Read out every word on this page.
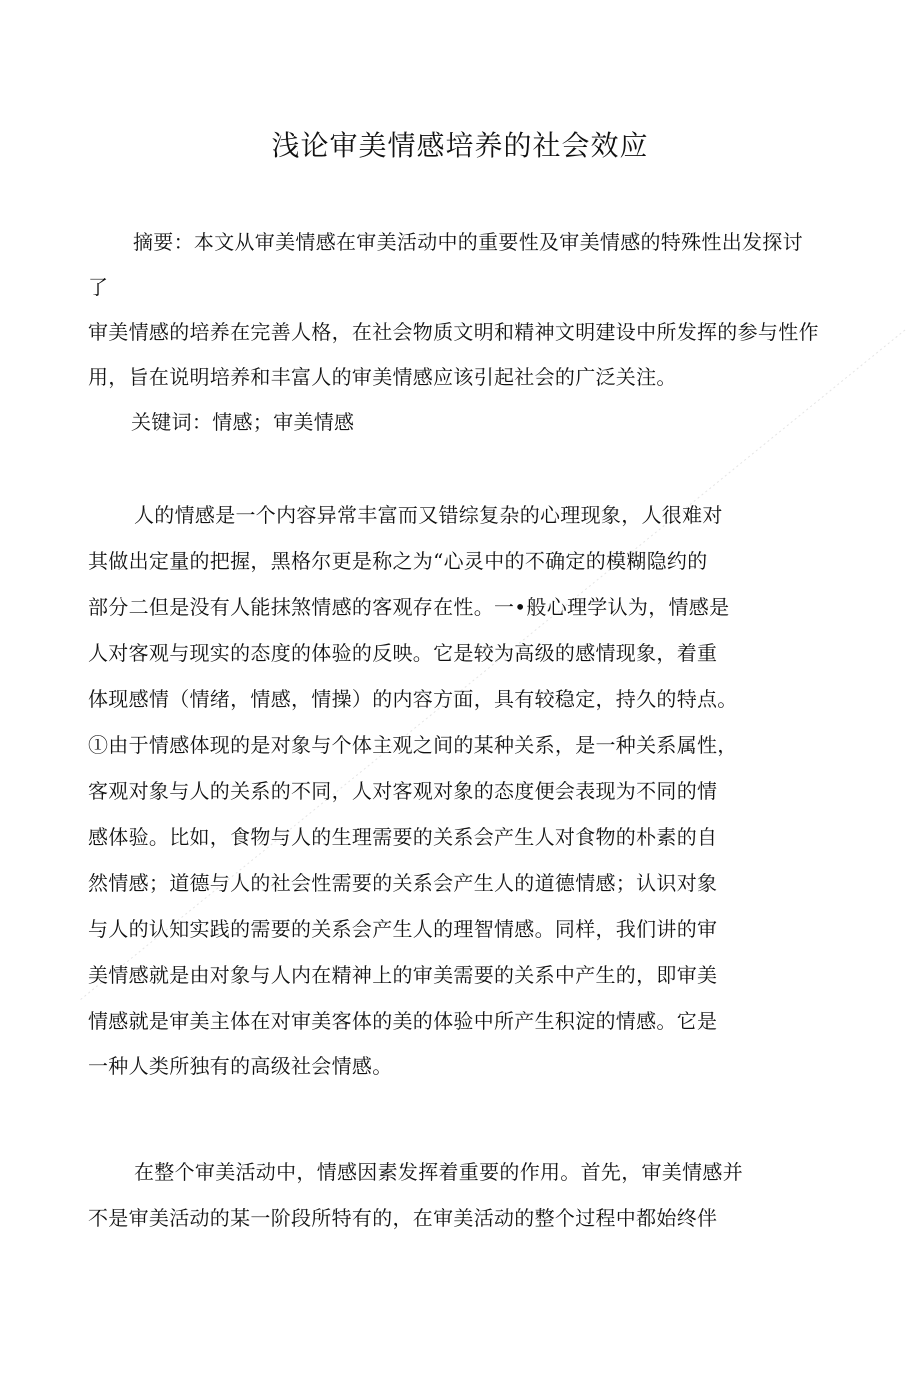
浅论审美情感培养的社会效应
摘要：本文从审美情感在审美活动中的重要性及审美情感的特殊性出发探讨
了
审美情感的培养在完善人格，在社会物质文明和精神文明建设中所发挥的参与性作
用，旨在说明培养和丰富人的审美情感应该引起社会的广泛关注。
关键词：情感；审美情感
人的情感是一个内容异常丰富而又错综复杂的心理现象，人很难对
其做出定量的把握，黑格尔更是称之为“心灵中的不确定的模糊隐约的
部分二但是没有人能抹煞情感的客观存在性。一•般心理学认为，情感是
人对客观与现实的态度的体验的反映。它是较为高级的感情现象，着重
体现感情（情绪，情感，情操）的内容方面，具有较稳定，持久的特点。
①由于情感体现的是对象与个体主观之间的某种关系，是一种关系属性，
客观对象与人的关系的不同，人对客观对象的态度便会表现为不同的情
感体验。比如，食物与人的生理需要的关系会产生人对食物的朴素的自
然情感；道德与人的社会性需要的关系会产生人的道德情感；认识对象
与人的认知实践的需要的关系会产生人的理智情感。同样，我们讲的审
美情感就是由对象与人内在精神上的审美需要的关系中产生的，即审美
情感就是审美主体在对审美客体的美的体验中所产生积淀的情感。它是
一种人类所独有的高级社会情感。
在整个审美活动中，情感因素发挥着重要的作用。首先，审美情感并
不是审美活动的某一阶段所特有的，在审美活动的整个过程中都始终伴
